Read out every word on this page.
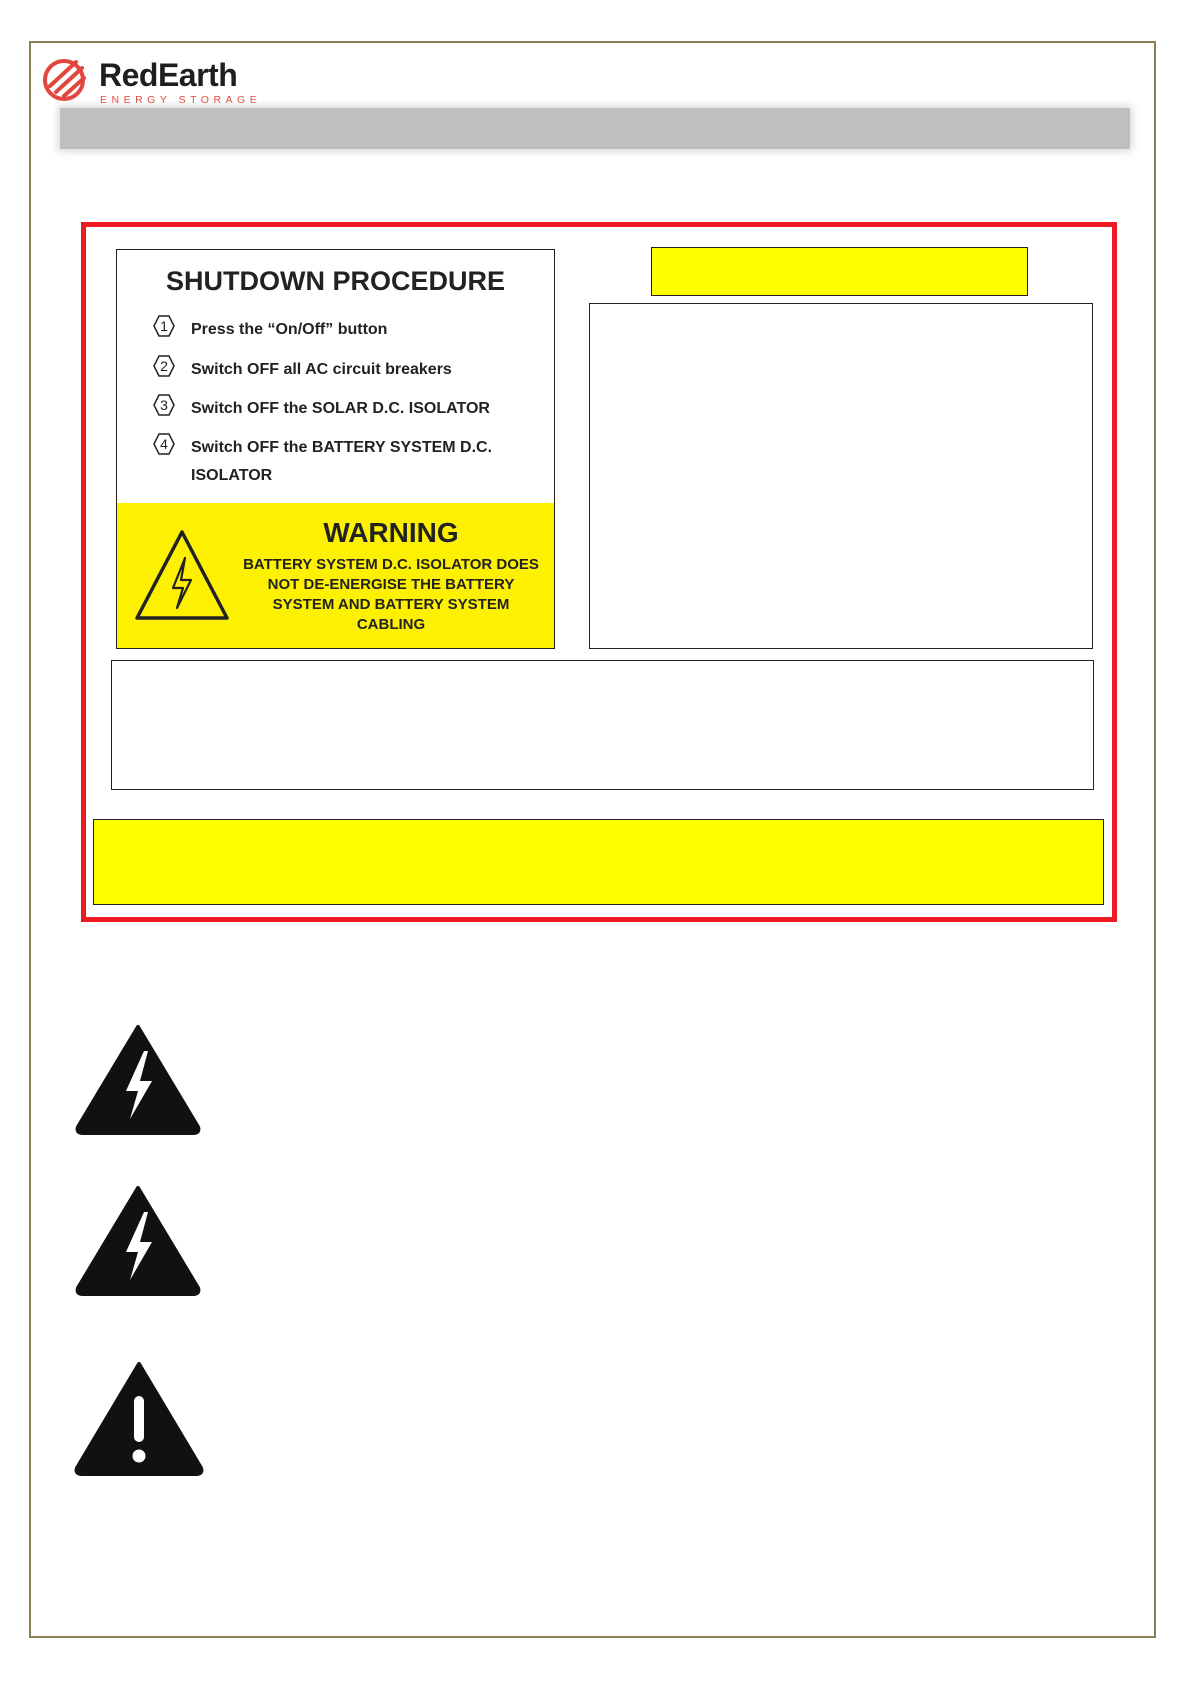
RedEarth
ENERGY STORAGE
SHUTDOWN PROCEDURE
1 Press the “On/Off” button
2 Switch OFF all AC circuit breakers
3 Switch OFF the SOLAR D.C. ISOLATOR
4 Switch OFF the BATTERY SYSTEM D.C. ISOLATOR
WARNING
BATTERY SYSTEM D.C. ISOLATOR DOES NOT DE-ENERGISE THE BATTERY SYSTEM AND BATTERY SYSTEM CABLING
